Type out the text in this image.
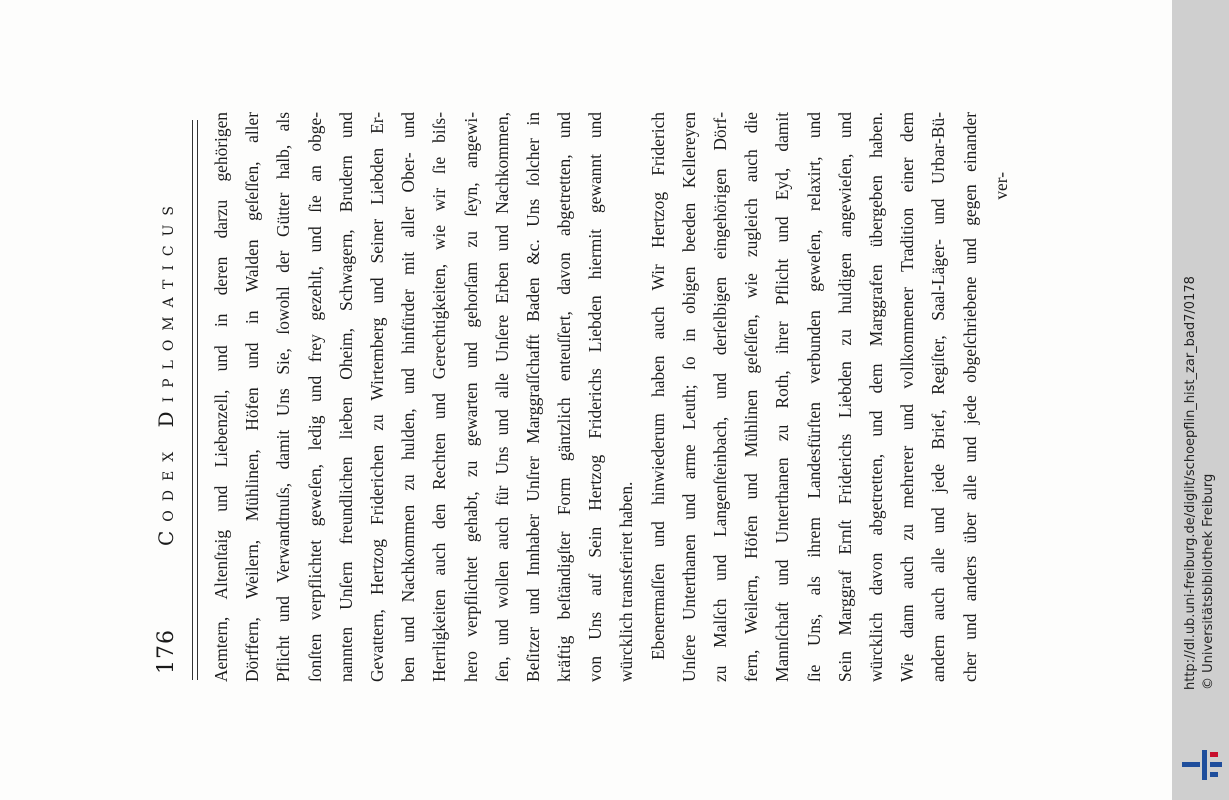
176
Codex Diplomaticus Aemtern, Altenſtaig und Liebenzell, und in deren darzu gehörigen Dörffern, Weilern, Mühlinen, Höfen und in Walden geſeſſen, aller Pflicht und Verwandtnuſs, damit Uns Sie, ſowohl der Gütter halb, als ſonſten verpflichtet geweſen, ledig und frey gezehlt, und ſie an obge- nannten Unſern freundlichen lieben Oheim, Schwagern, Brudern und Gevattern, Hertzog Friderichen zu Wirtemberg und Seiner Liebden Er- ben und Nachkommen zu hulden, und hinfürder mit aller Ober- und Herrligkeiten auch den Rechten und Gerechtigkeiten, wie wir ſie biſs- hero verpflichtet gehabt, zu gewarten und gehorſam zu ſeyn, angewi- ſen, und wollen auch für Uns und alle Unſere Erben und Nachkommen, Beſitzer und Innhaber Unſrer Marggraſſchafft Baden &c. Uns ſolcher in kräftig beſtändigſter Form gäntzlich enteuſſert, davon abgetretten, und von Uns auf Sein Hertzog Friderichs Liebden hiermit gewannt und würcklich transferiret haben. Ebenermaſſen und hinwiederum haben auch Wir Hertzog Friderich Unſere Unterthanen und arme Leuth; ſo in obigen beeden Kellereyen zu Malſch und Langenſteinbach, und derſelbigen eingehörigen Dörf- fern, Weilern, Höfen und Mühlinen geſeſſen, wie zugleich auch die Mannſchaft und Unterthanen zu Roth, ihrer Pflicht und Eyd, damit ſie Uns, als ihrem Landesfürſten verbunden geweſen, relaxirt, und Sein Marggraf Ernſt Friderichs Liebden zu huldigen angewieſen, und würcklich davon abgetretten, und dem Marggrafen übergeben haben. Wie dann auch zu mehrerer und vollkommener Tradition einer dem andern auch alle und jede Brief, Regiſter, Saal-Läger- und Urbar-Bü- cher und anders über alle und jede obgeſchriebene und gegen einander ver-
http://dl.ub.uni-freiburg.de/diglit/schoepflin_hist_zar_bad7/0178 © Universitätsbibliothek Freiburg
